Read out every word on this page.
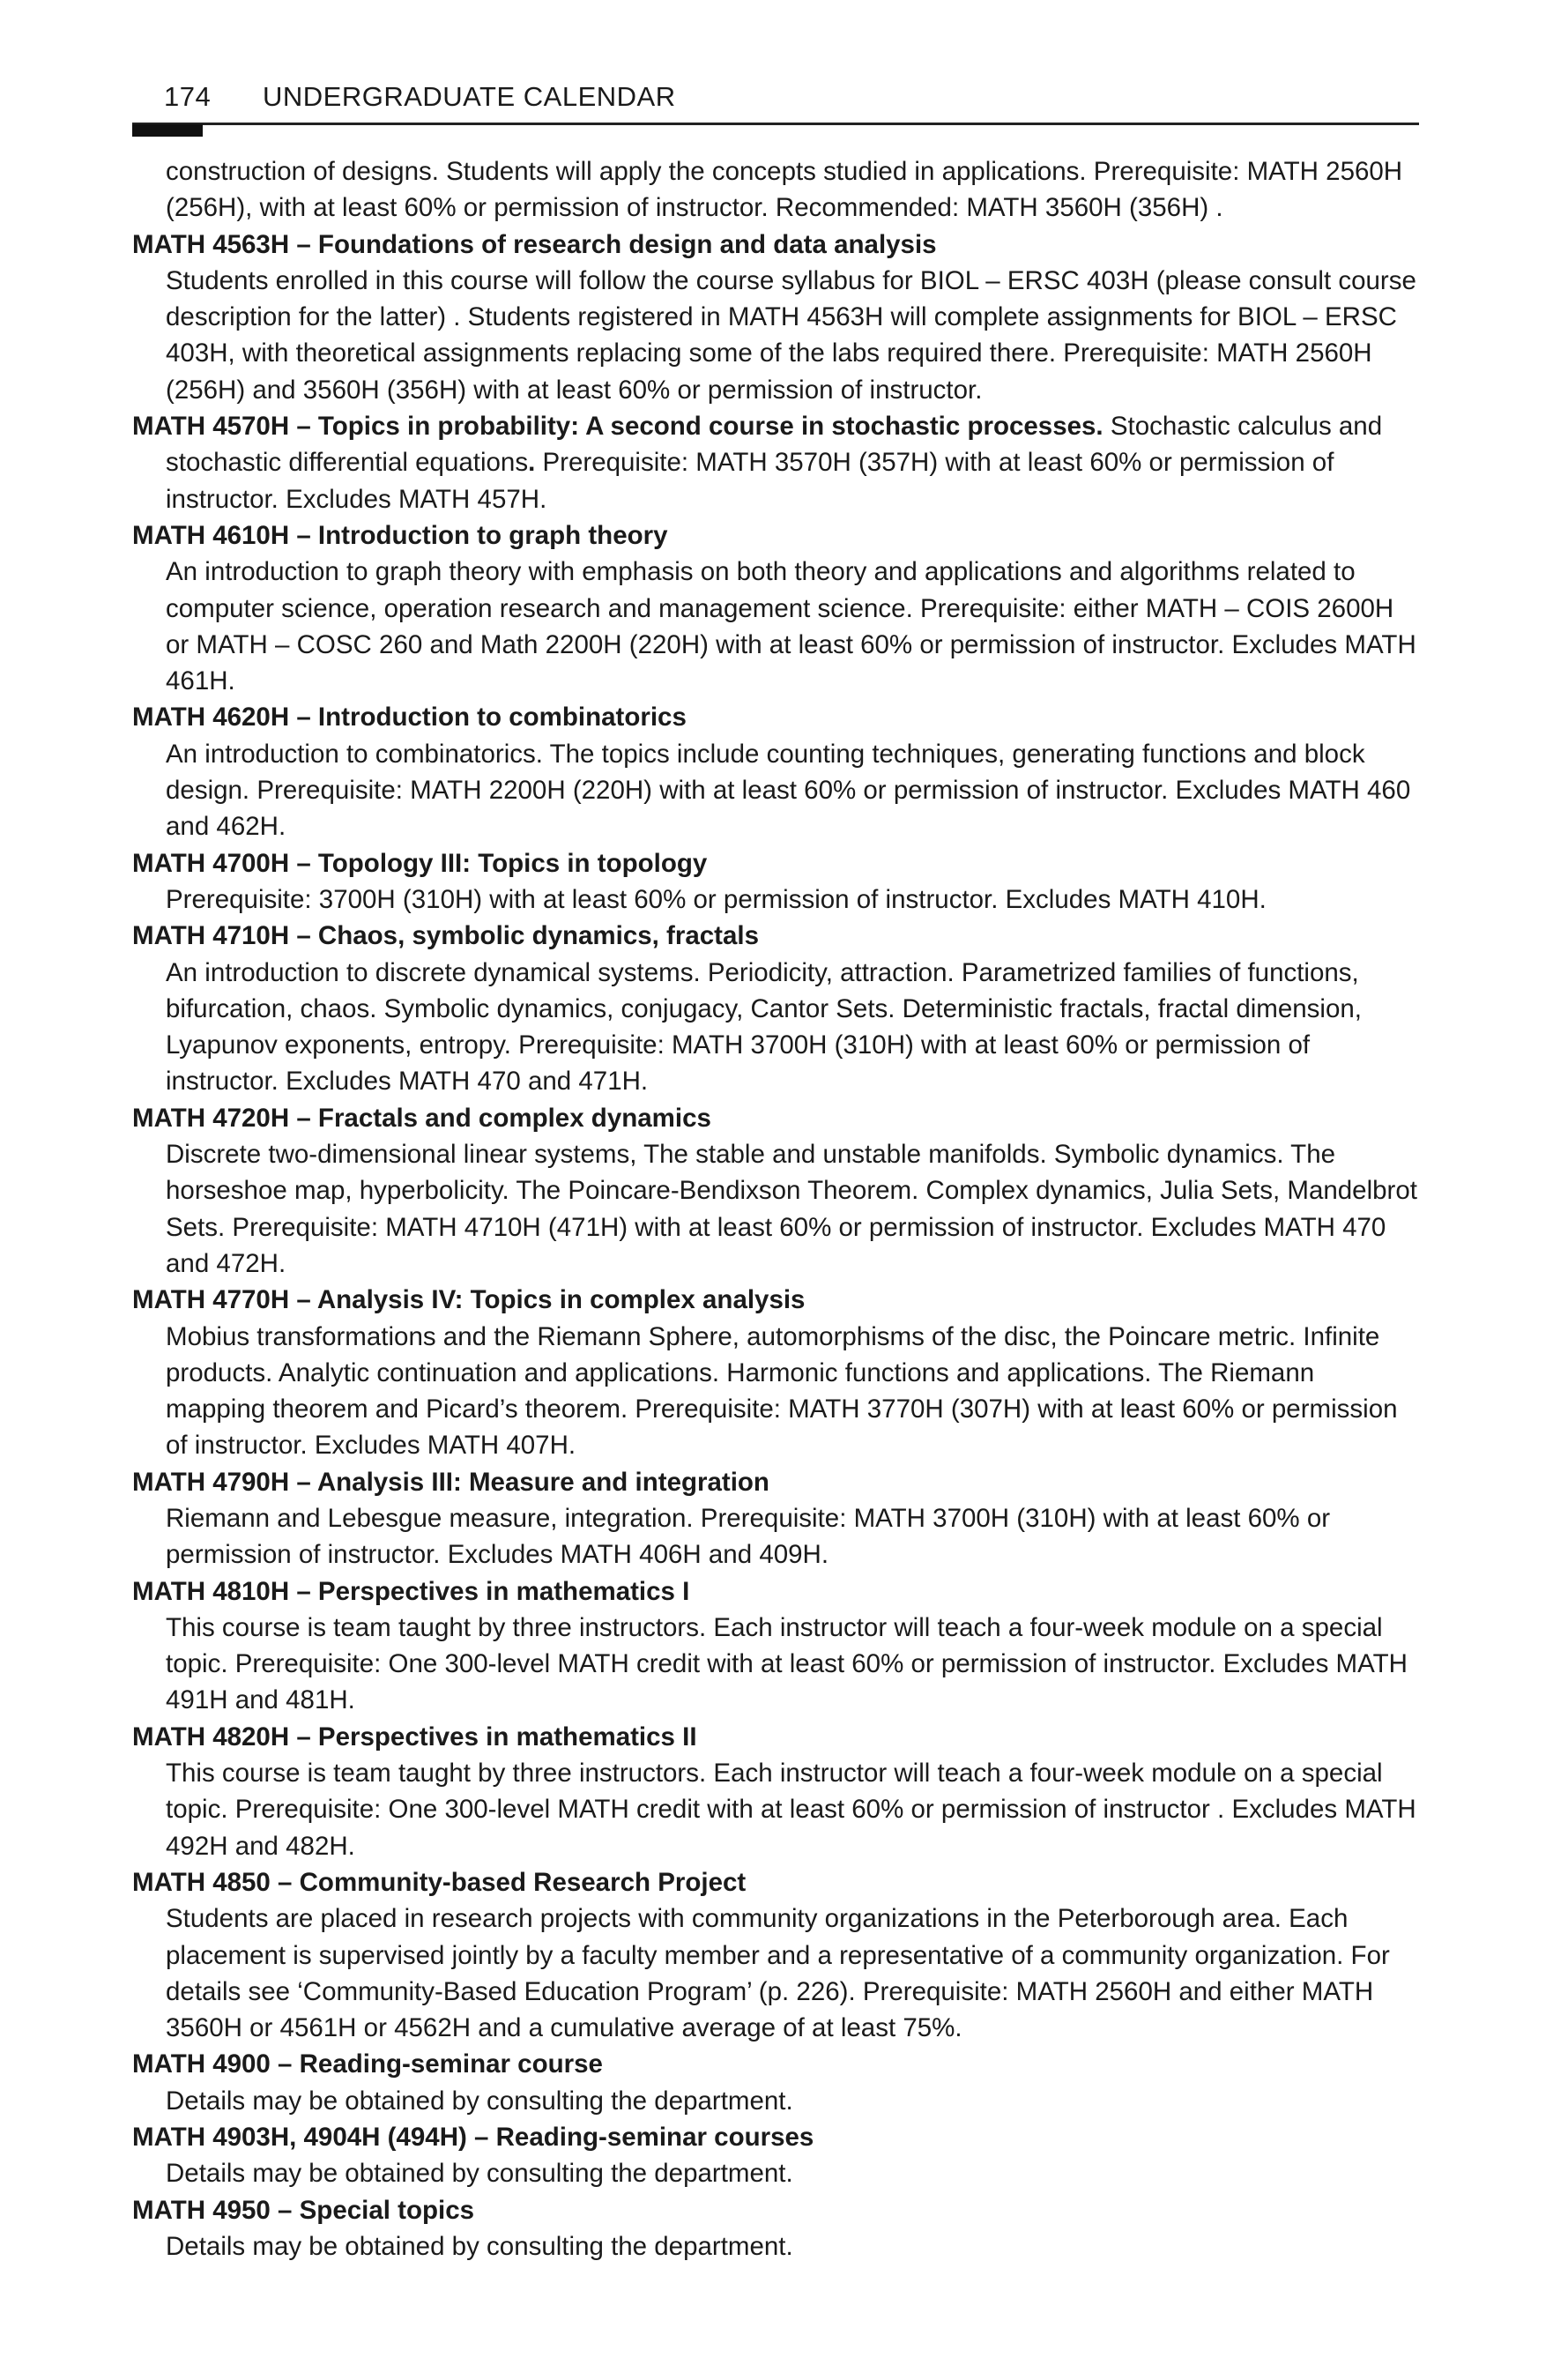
174 UNDERGRADUATE CALENDAR

construction of designs. Students will apply the concepts studied in applications. Prerequisite: MATH 2560H (256H), with at least 60% or permission of instructor. Recommended: MATH 3560H (356H) .

MATH 4563H – Foundations of research design and data analysis

Students enrolled in this course will follow the course syllabus for BIOL – ERSC 403H (please consult course description for the latter) . Students registered in MATH 4563H will complete assignments for BIOL – ERSC 403H, with theoretical assignments replacing some of the labs required there. Prerequisite: MATH 2560H (256H) and 3560H (356H) with at least 60% or permission of instructor.

MATH 4570H – Topics in probability: A second course in stochastic processes. Stochastic calculus and stochastic differential equations. Prerequisite: MATH 3570H (357H) with at least 60% or permission of instructor. Excludes MATH 457H.

MATH 4610H – Introduction to graph theory

An introduction to graph theory with emphasis on both theory and applications and algorithms related to computer science, operation research and management science. Prerequisite: either MATH – COIS 2600H or MATH – COSC 260 and Math 2200H (220H) with at least 60% or permission of instructor. Excludes MATH 461H.

MATH 4620H – Introduction to combinatorics

An introduction to combinatorics. The topics include counting techniques, generating functions and block design. Prerequisite: MATH 2200H (220H) with at least 60% or permission of instructor. Excludes MATH 460 and 462H.

MATH 4700H – Topology III: Topics in topology

Prerequisite: 3700H (310H) with at least 60% or permission of instructor. Excludes MATH 410H.

MATH 4710H – Chaos, symbolic dynamics, fractals

An introduction to discrete dynamical systems. Periodicity, attraction. Parametrized families of functions, bifurcation, chaos. Symbolic dynamics, conjugacy, Cantor Sets. Deterministic fractals, fractal dimension, Lyapunov exponents, entropy. Prerequisite: MATH 3700H (310H) with at least 60% or permission of instructor. Excludes MATH 470 and 471H.

MATH 4720H – Fractals and complex dynamics

Discrete two-dimensional linear systems, The stable and unstable manifolds. Symbolic dynamics. The horseshoe map, hyperbolicity. The Poincare-Bendixson Theorem. Complex dynamics, Julia Sets, Mandelbrot Sets. Prerequisite: MATH 4710H (471H) with at least 60% or permission of instructor. Excludes MATH 470 and 472H.

MATH 4770H – Analysis IV: Topics in complex analysis

Mobius transformations and the Riemann Sphere, automorphisms of the disc, the Poincare metric. Infinite products. Analytic continuation and applications. Harmonic functions and applications. The Riemann mapping theorem and Picard’s theorem. Prerequisite: MATH 3770H (307H) with at least 60% or permission of instructor. Excludes MATH 407H.

MATH 4790H – Analysis III: Measure and integration

Riemann and Lebesgue measure, integration. Prerequisite: MATH 3700H (310H) with at least 60% or permission of instructor. Excludes MATH 406H and 409H.

MATH 4810H – Perspectives in mathematics I

This course is team taught by three instructors. Each instructor will teach a four-week module on a special topic. Prerequisite: One 300-level MATH credit with at least 60% or permission of instructor. Excludes MATH 491H and 481H.

MATH 4820H – Perspectives in mathematics II

This course is team taught by three instructors. Each instructor will teach a four-week module on a special topic. Prerequisite: One 300-level MATH credit with at least 60% or permission of instructor . Excludes MATH 492H and 482H.

MATH 4850 – Community-based Research Project

Students are placed in research projects with community organizations in the Peterborough area. Each placement is supervised jointly by a faculty member and a representative of a community organization. For details see ‘Community-Based Education Program’ (p. 226). Prerequisite: MATH 2560H and either MATH 3560H or 4561H or 4562H and a cumulative average of at least 75%.

MATH 4900 – Reading-seminar course

Details may be obtained by consulting the department.

MATH 4903H, 4904H (494H) – Reading-seminar courses

Details may be obtained by consulting the department.

MATH 4950 – Special topics

Details may be obtained by consulting the department.
